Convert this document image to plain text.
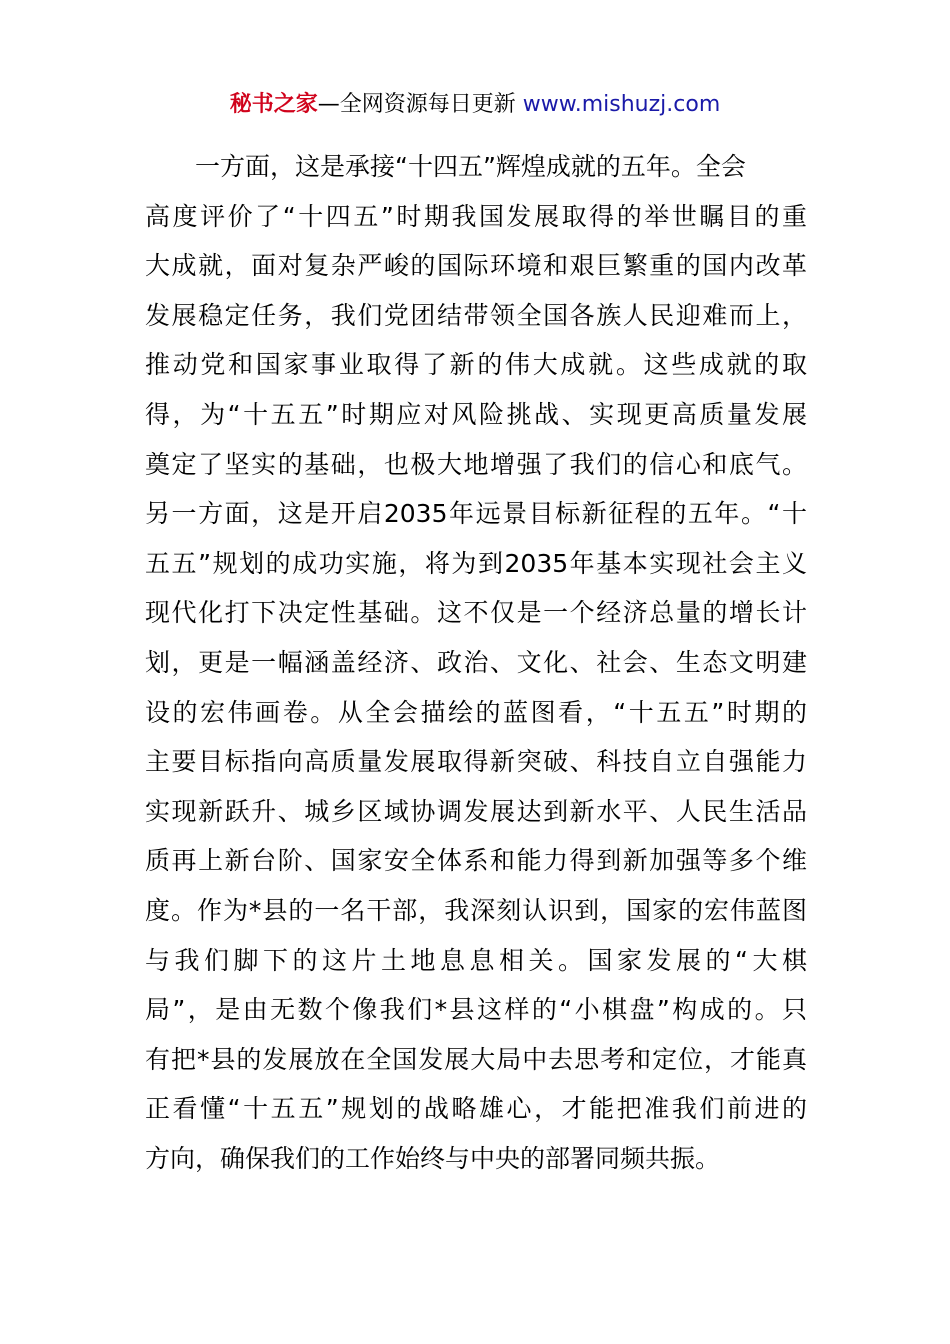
秘书之家—全网资源每日更新 www.mishuzj.com
一方面，这是承接“十四五”辉煌成就的五年。全会
高度评价了“十四五”时期我国发展取得的举世瞩目的重
大成就，面对复杂严峻的国际环境和艰巨繁重的国内改革
发展稳定任务，我们党团结带领全国各族人民迎难而上，
推动党和国家事业取得了新的伟大成就。这些成就的取
得，为“十五五”时期应对风险挑战、实现更高质量发展
奠定了坚实的基础，也极大地增强了我们的信心和底气。
另一方面，这是开启2035年远景目标新征程的五年。“十
五五”规划的成功实施，将为到2035年基本实现社会主义
现代化打下决定性基础。这不仅是一个经济总量的增长计
划，更是一幅涵盖经济、政治、文化、社会、生态文明建
设的宏伟画卷。从全会描绘的蓝图看，“十五五”时期的
主要目标指向高质量发展取得新突破、科技自立自强能力
实现新跃升、城乡区域协调发展达到新水平、人民生活品
质再上新台阶、国家安全体系和能力得到新加强等多个维
度。作为*县的一名干部，我深刻认识到，国家的宏伟蓝图
与我们脚下的这片土地息息相关。国家发展的“大棋
局”，是由无数个像我们*县这样的“小棋盘”构成的。只
有把*县的发展放在全国发展大局中去思考和定位，才能真
正看懂“十五五”规划的战略雄心，才能把准我们前进的
方向，确保我们的工作始终与中央的部署同频共振。
